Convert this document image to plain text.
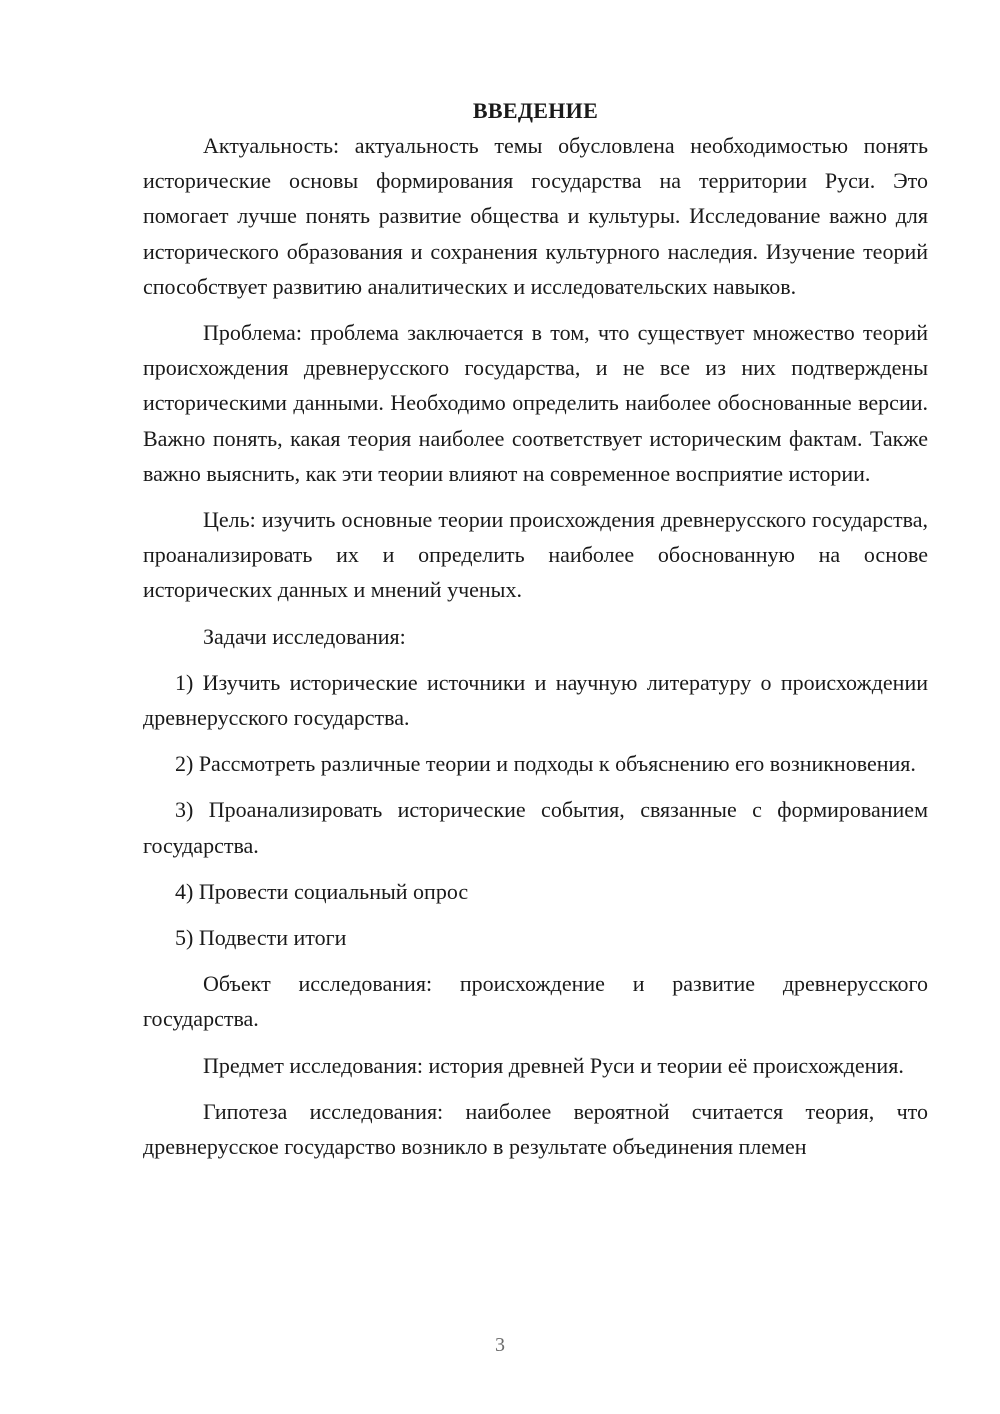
ВВЕДЕНИЕ

Актуальность: актуальность темы обусловлена необходимостью понять исторические основы формирования государства на территории Руси. Это помогает лучше понять развитие общества и культуры. Исследование важно для исторического образования и сохранения культурного наследия. Изучение теорий способствует развитию аналитических и исследовательских навыков.

Проблема: проблема заключается в том, что существует множество теорий происхождения древнерусского государства, и не все из них подтверждены историческими данными. Необходимо определить наиболее обоснованные версии. Важно понять, какая теория наиболее соответствует историческим фактам. Также важно выяснить, как эти теории влияют на современное восприятие истории.

Цель: изучить основные теории происхождения древнерусского государства, проанализировать их и определить наиболее обоснованную на основе исторических данных и мнений ученых.

Задачи исследования:

1) Изучить исторические источники и научную литературу о происхождении древнерусского государства.

2) Рассмотреть различные теории и подходы к объяснению его возникновения.

3) Проанализировать исторические события, связанные с формированием государства.

4) Провести социальный опрос

5) Подвести итоги

Объект исследования: происхождение и развитие древнерусского государства.

Предмет исследования: история древней Руси и теории её происхождения.

Гипотеза исследования: наиболее вероятной считается теория, что древнерусское государство возникло в результате объединения племен

3
